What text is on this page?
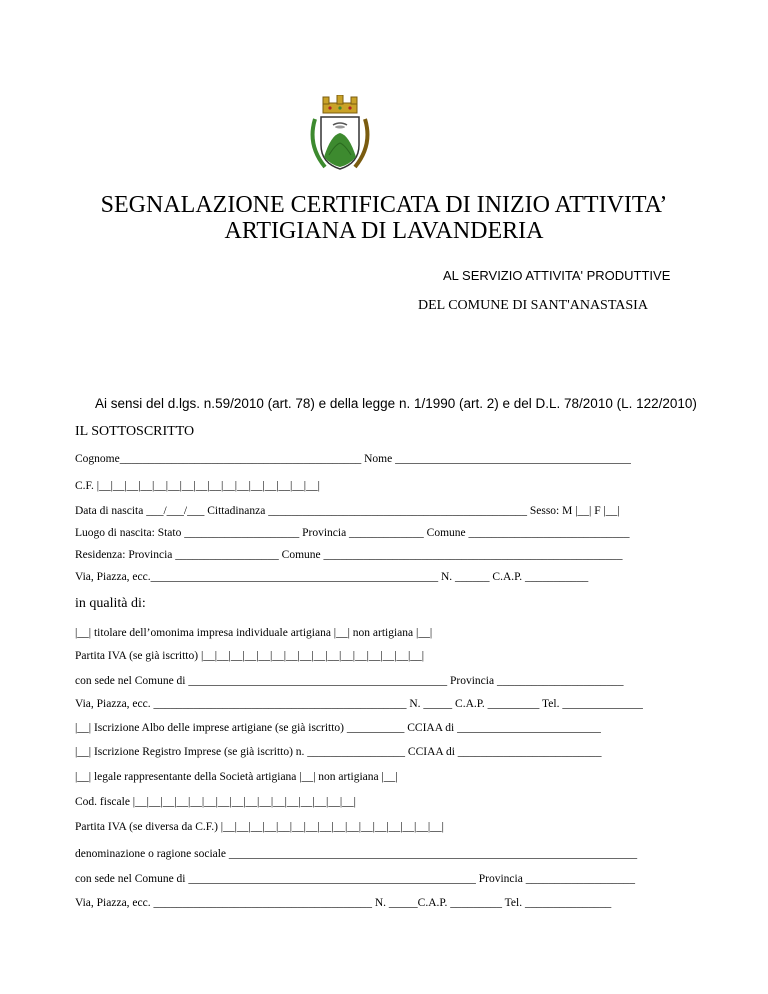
SEGNALAZIONE CERTIFICATA DI INIZIO ATTIVITA’
ARTIGIANA DI LAVANDERIA
AL SERVIZIO ATTIVITA' PRODUTTIVE
DEL COMUNE DI SANT'ANASTASIA
Ai sensi del d.lgs. n.59/2010 (art. 78) e della legge n. 1/1990 (art. 2) e del D.L. 78/2010 (L. 122/2010)
IL SOTTOSCRITTO
Cognome__________________________________________ Nome _________________________________________
C.F. |__|__|__|__|__|__|__|__|__|__|__|__|__|__|__|__|
Data di nascita ___/___/___ Cittadinanza _____________________________________________ Sesso: M |__| F |__|
Luogo di nascita: Stato ____________________ Provincia _____________ Comune ____________________________
Residenza: Provincia __________________ Comune ____________________________________________________
Via, Piazza, ecc.__________________________________________________ N. ______ C.A.P. ___________
in qualità di:
|__| titolare dell’omonima impresa individuale artigiana |__| non artigiana |__|
Partita IVA (se già iscritto) |__|__|__|__|__|__|__|__|__|__|__|__|__|__|__|__|
con sede nel Comune di _____________________________________________ Provincia ______________________
Via, Piazza, ecc. ____________________________________________ N. _____ C.A.P. _________ Tel. ______________
|__| Iscrizione Albo delle imprese artigiane (se già iscritto) __________ CCIAA di _________________________
|__| Iscrizione Registro Imprese (se già iscritto) n. _________________ CCIAA di _________________________
|__| legale rappresentante della Società artigiana |__| non artigiana |__|
Cod. fiscale |__|__|__|__|__|__|__|__|__|__|__|__|__|__|__|__|
Partita IVA (se diversa da C.F.) |__|__|__|__|__|__|__|__|__|__|__|__|__|__|__|__|
denominazione o ragione sociale _______________________________________________________________________
con sede nel Comune di __________________________________________________ Provincia ___________________
Via, Piazza, ecc. ______________________________________ N. _____C.A.P. _________ Tel. _______________
